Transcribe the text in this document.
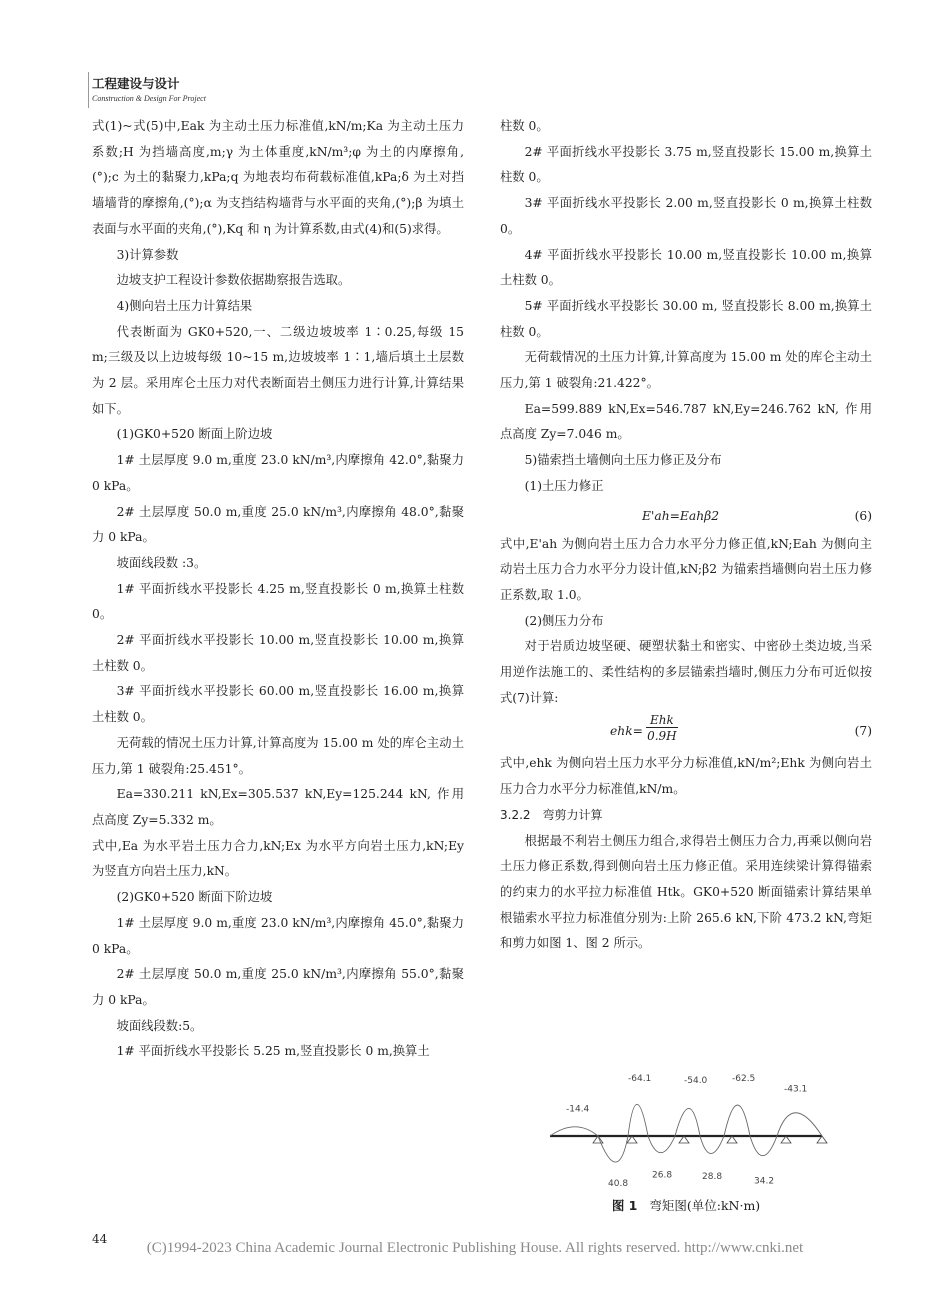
工程建设与设计
Construction & Design For Project

式(1)~式(5)中,Eak 为主动土压力标准值,kN/m;Ka 为主动土压力系数;H 为挡墙高度,m;γ 为土体重度,kN/m³;φ 为土的内摩擦角,(°);c 为土的黏聚力,kPa;q 为地表均布荷载标准值,kPa;δ 为土对挡墙墙背的摩擦角,(°);α 为支挡结构墙背与水平面的夹角,(°);β 为填土表面与水平面的夹角,(°),Kq 和 η 为计算系数,由式(4)和(5)求得。

3)计算参数

边坡支护工程设计参数依据勘察报告选取。

4)侧向岩土压力计算结果

代表断面为 GK0+520,一、二级边坡坡率 1∶0.25,每级 15 m;三级及以上边坡每级 10~15 m,边坡坡率 1∶1,墙后填土土层数为 2 层。采用库仑土压力对代表断面岩土侧压力进行计算,计算结果如下。

(1)GK0+520 断面上阶边坡

1# 土层厚度 9.0 m,重度 23.0 kN/m³,内摩擦角 42.0°,黏聚力 0 kPa。

2# 土层厚度 50.0 m,重度 25.0 kN/m³,内摩擦角 48.0°,黏聚力 0 kPa。

坡面线段数 :3。

1# 平面折线水平投影长 4.25 m,竖直投影长 0 m,换算土柱数 0。

2# 平面折线水平投影长 10.00 m,竖直投影长 10.00 m,换算土柱数 0。

3# 平面折线水平投影长 60.00 m,竖直投影长 16.00 m,换算土柱数 0。

无荷载的情况土压力计算,计算高度为 15.00 m 处的库仑主动土压力,第 1 破裂角:25.451°。

Ea=330.211 kN,Ex=305.537 kN,Ey=125.244 kN, 作用点高度 Zy=5.332 m。

式中,Ea 为水平岩土压力合力,kN;Ex 为水平方向岩土压力,kN;Ey 为竖直方向岩土压力,kN。

(2)GK0+520 断面下阶边坡

1# 土层厚度 9.0 m,重度 23.0 kN/m³,内摩擦角 45.0°,黏聚力 0 kPa。

2# 土层厚度 50.0 m,重度 25.0 kN/m³,内摩擦角 55.0°,黏聚力 0 kPa。

坡面线段数:5。

1# 平面折线水平投影长 5.25 m,竖直投影长 0 m,换算土

柱数 0。

2# 平面折线水平投影长 3.75 m,竖直投影长 15.00 m,换算土柱数 0。

3# 平面折线水平投影长 2.00 m,竖直投影长 0 m,换算土柱数 0。

4# 平面折线水平投影长 10.00 m,竖直投影长 10.00 m,换算土柱数 0。

5# 平面折线水平投影长 30.00 m, 竖直投影长 8.00 m,换算土柱数 0。

无荷载情况的土压力计算,计算高度为 15.00 m 处的库仑主动土压力,第 1 破裂角:21.422°。

Ea=599.889 kN,Ex=546.787 kN,Ey=246.762 kN, 作用点高度 Zy=7.046 m。

5)锚索挡土墙侧向土压力修正及分布

(1)土压力修正

E'ah=Eahβ2	(6)

式中,E'ah 为侧向岩土压力合力水平分力修正值,kN;Eah 为侧向主动岩土压力合力水平分力设计值,kN;β2 为锚索挡墙侧向岩土压力修正系数,取 1.0。

(2)侧压力分布

对于岩质边坡坚硬、硬塑状黏土和密实、中密砂土类边坡,当采用逆作法施工的、柔性结构的多层锚索挡墙时,侧压力分布可近似按式(7)计算:

ehk=
Ehk
0.9H	(7)

式中,ehk 为侧向岩土压力水平分力标准值,kN/m²;Ehk 为侧向岩土压力合力水平分力标准值,kN/m。

3.2.2　弯剪力计算

根据最不利岩土侧压力组合,求得岩土侧压力合力,再乘以侧向岩土压力修正系数,得到侧向岩土压力修正值。采用连续梁计算得锚索的约束力的水平拉力标准值 Htk。GK0+520 断面锚索计算结果单根锚索水平拉力标准值分别为:上阶 265.6 kN,下阶 473.2 kN,弯矩和剪力如图 1、图 2 所示。

-14.4
-64.1	-54.0	-62.5
-43.1
40.8
26.8	28.8	34.2
图 1 弯矩图(单位:kN·m)
44
(C)1994-2023 China Academic Journal Electronic Publishing House. All rights reserved. http://www.cnki.net
